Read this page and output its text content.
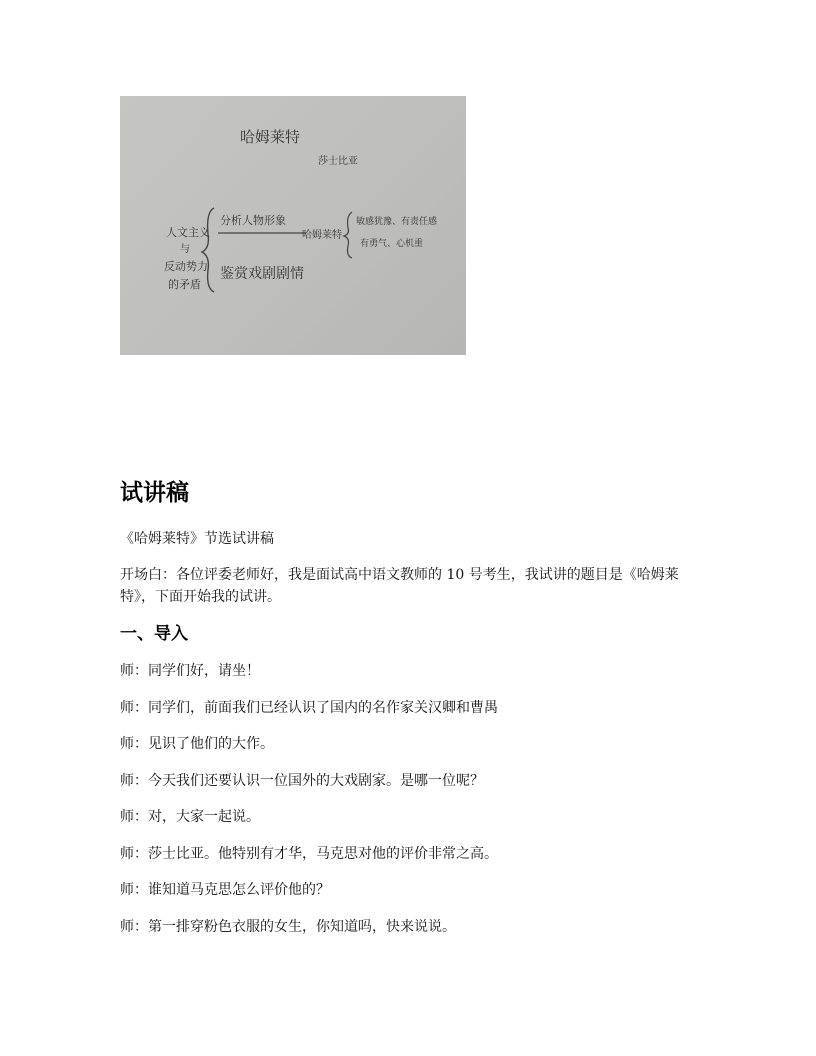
哈姆莱特
莎士比亚
人文主义
与
反动势力
的矛盾
分析人物形象
鉴赏戏剧剧情
哈姆莱特
敏感犹豫、有责任感
有勇气、心机重
试讲稿

《哈姆莱特》节选试讲稿

开场白：各位评委老师好，我是面试高中语文教师的 10 号考生，我试讲的题目是《哈姆莱特》，下面开始我的试讲。

一、导入

师：同学们好，请坐！

师：同学们，前面我们已经认识了国内的名作家关汉卿和曹禺

师：见识了他们的大作。

师：今天我们还要认识一位国外的大戏剧家。是哪一位呢？

师：对，大家一起说。

师：莎士比亚。他特别有才华，马克思对他的评价非常之高。

师：谁知道马克思怎么评价他的？

师：第一排穿粉色衣服的女生，你知道吗，快来说说。
